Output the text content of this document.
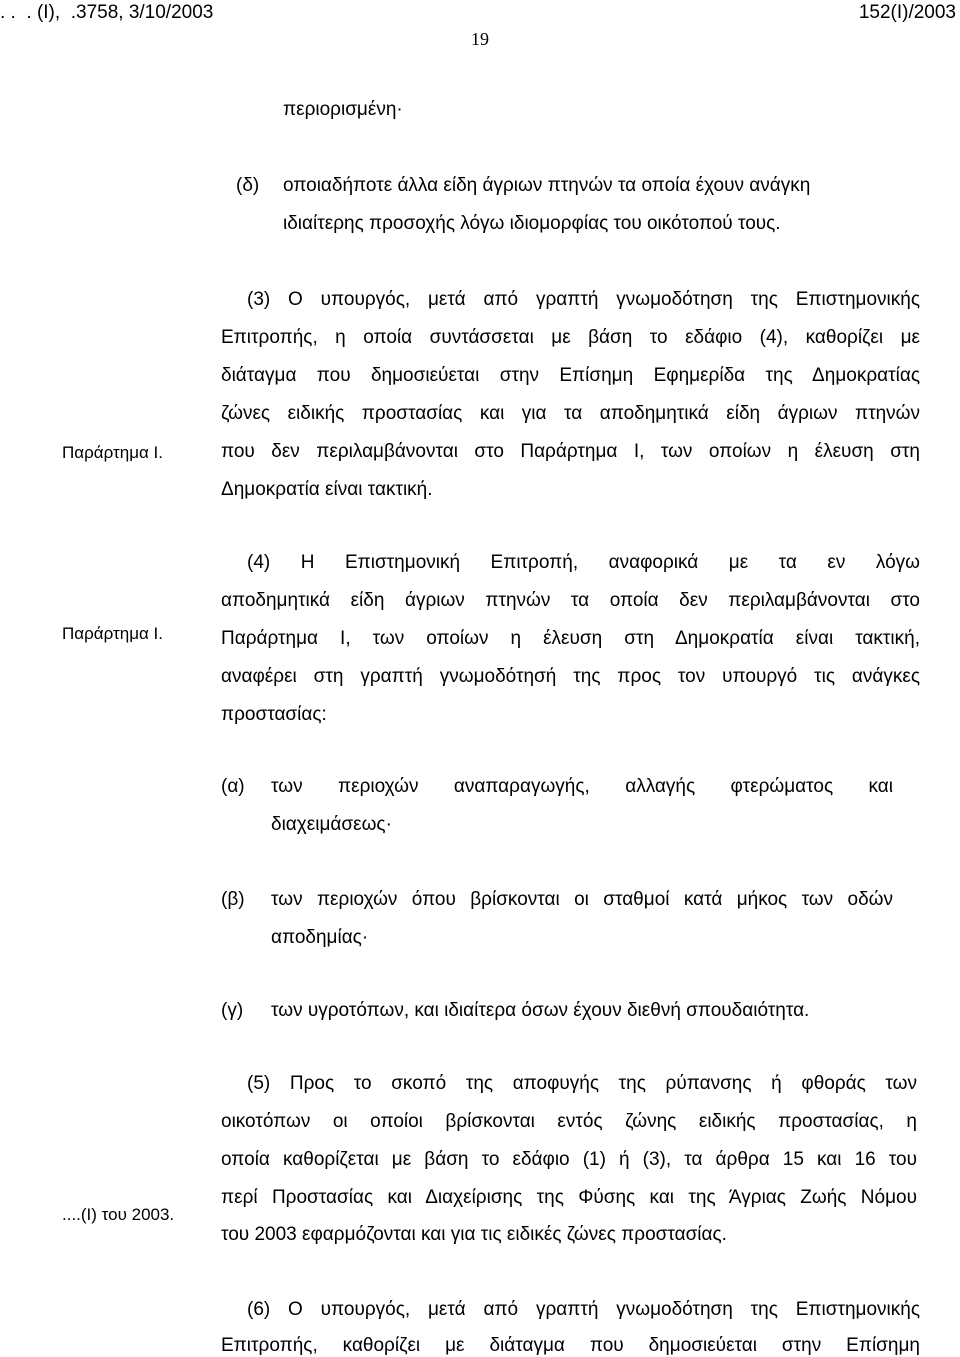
. .  . (Ι),  .3758, 3/10/2003	152(Ι)/2003
19
περιορισμένη·
(δ) οποιαδήποτε άλλα είδη άγριων πτηνών τα οποία έχουν ανάγκη
ιδιαίτερης προσοχής λόγω ιδιομορφίας του οικότοπού τους.
(3) Ο υπουργός, μετά από γραπτή γνωμοδότηση της Επιστημονικής
Επιτροπής, η οποία συντάσσεται με βάση το εδάφιο (4), καθορίζει με
διάταγμα που δημοσιεύεται στην Επίσημη Εφημερίδα της Δημοκρατίας
ζώνες ειδικής προστασίας και για τα αποδημητικά είδη άγριων πτηνών
που δεν περιλαμβάνονται στο Παράρτημα Ι, των οποίων η έλευση στη
Δημοκρατία είναι τακτική.
Παράρτημα Ι.
(4) Η Επιστημονική Επιτροπή, αναφορικά με τα εν λόγω
αποδημητικά είδη άγριων πτηνών τα οποία δεν περιλαμβάνονται στο
Παράρτημα Ι, των οποίων η έλευση στη Δημοκρατία είναι τακτική,
αναφέρει στη γραπτή γνωμοδότησή της προς τον υπουργό τις ανάγκες
προστασίας:
Παράρτημα Ι.
(α) των περιοχών αναπαραγωγής, αλλαγής φτερώματος και
διαχειμάσεως·
(β) των περιοχών όπου βρίσκονται οι σταθμοί κατά μήκος των οδών
αποδημίας·
(γ) των υγροτόπων, και ιδιαίτερα όσων έχουν διεθνή σπουδαιότητα.
(5) Προς το σκοπό της αποφυγής της ρύπανσης ή φθοράς των
οικοτόπων οι οποίοι βρίσκονται εντός ζώνης ειδικής προστασίας, η
οποία καθορίζεται με βάση το εδάφιο (1) ή (3), τα άρθρα 15 και 16 του
περί Προστασίας και Διαχείρισης της Φύσης και της Άγριας Ζωής Νόμου
του 2003 εφαρμόζονται και για τις ειδικές ζώνες προστασίας.
....(Ι) του 2003.
(6) Ο υπουργός, μετά από γραπτή γνωμοδότηση της Επιστημονικής
Επιτροπής, καθορίζει με διάταγμα που δημοσιεύεται στην Επίσημη
